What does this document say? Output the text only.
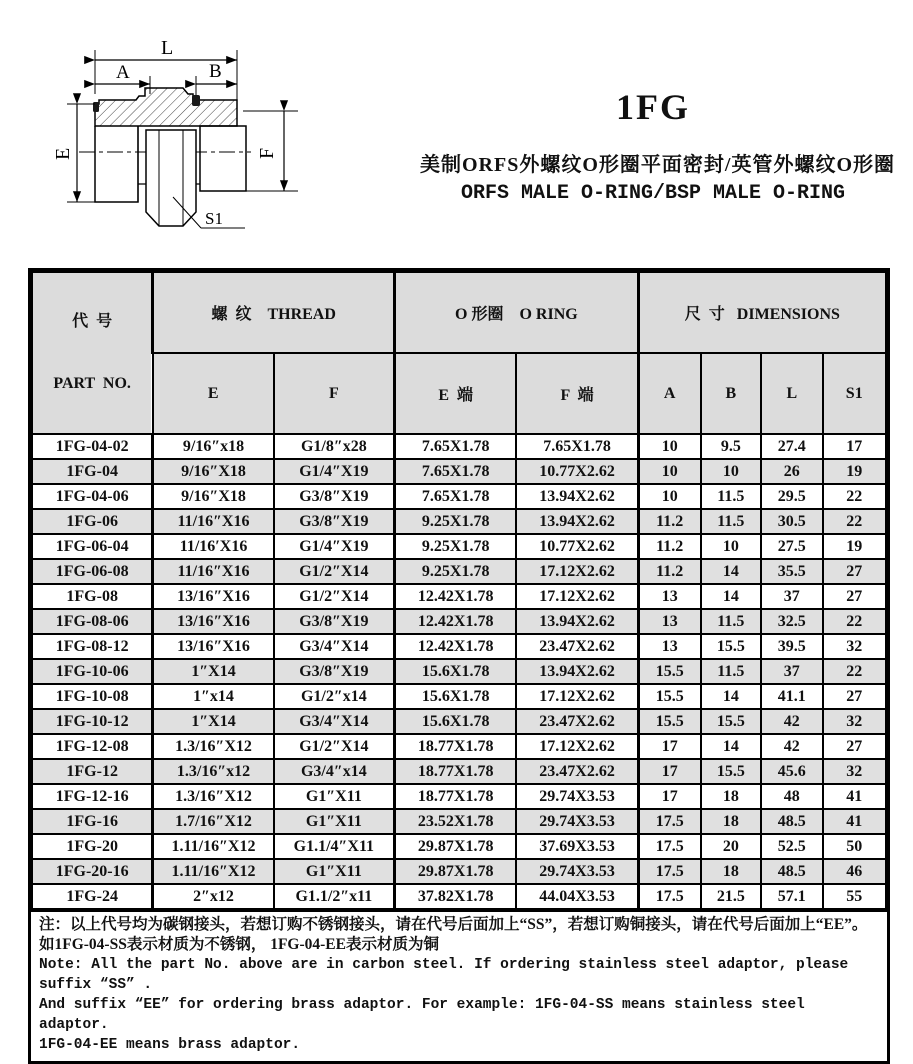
L
A	B
E	F
S1
1FG
美制ORFS外螺纹O形圈平面密封/英管外螺纹O形圈
ORFS MALE O-RING/BSP MALE O-RING

代  号

PART  NO.	螺  纹    THREAD		O 形圈    O RING		尺  寸   DIMENSIONS			
	E	F	E  端	F  端	A	B	L	S1
1FG-04-02	9/16″x18	G1/8″x28	7.65X1.78	7.65X1.78	10	9.5	27.4	17
1FG-04	9/16″X18	G1/4″X19	7.65X1.78	10.77X2.62	10	10	26	19
1FG-04-06	9/16″X18	G3/8″X19	7.65X1.78	13.94X2.62	10	11.5	29.5	22
1FG-06	11/16″X16	G3/8″X19	9.25X1.78	13.94X2.62	11.2	11.5	30.5	22
1FG-06-04	11/16′X16	G1/4″X19	9.25X1.78	10.77X2.62	11.2	10	27.5	19
1FG-06-08	11/16″X16	G1/2″X14	9.25X1.78	17.12X2.62	11.2	14	35.5	27
1FG-08	13/16″X16	G1/2″X14	12.42X1.78	17.12X2.62	13	14	37	27
1FG-08-06	13/16″X16	G3/8″X19	12.42X1.78	13.94X2.62	13	11.5	32.5	22
1FG-08-12	13/16″X16	G3/4″X14	12.42X1.78	23.47X2.62	13	15.5	39.5	32
1FG-10-06	1″X14	G3/8″X19	15.6X1.78	13.94X2.62	15.5	11.5	37	22
1FG-10-08	1″x14	G1/2″x14	15.6X1.78	17.12X2.62	15.5	14	41.1	27
1FG-10-12	1″X14	G3/4″X14	15.6X1.78	23.47X2.62	15.5	15.5	42	32
1FG-12-08	1.3/16″X12	G1/2″X14	18.77X1.78	17.12X2.62	17	14	42	27
1FG-12	1.3/16″x12	G3/4″x14	18.77X1.78	23.47X2.62	17	15.5	45.6	32
1FG-12-16	1.3/16″X12	G1″X11	18.77X1.78	29.74X3.53	17	18	48	41
1FG-16	1.7/16″X12	G1″X11	23.52X1.78	29.74X3.53	17.5	18	48.5	41
1FG-20	1.11/16″X12	G1.1/4″X11	29.87X1.78	37.69X3.53	17.5	20	52.5	50
1FG-20-16	1.11/16″X12	G1″X11	29.87X1.78	29.74X3.53	17.5	18	48.5	46
1FG-24	2″x12	G1.1/2″x11	37.82X1.78	44.04X3.53	17.5	21.5	57.1	55
注：以上代号均为碳钢接头，若想订购不锈钢接头，请在代号后面加上“SS”，若想订购铜接头，请在代号后面加上“EE”。
如1FG-04-SS表示材质为不锈钢， 1FG-04-EE表示材质为铜
Note: All the part No. above are in carbon steel. If ordering stainless steel adaptor, please suffix “SS” .
And suffix “EE” for ordering brass adaptor. For example: 1FG-04-SS means stainless steel adaptor.
1FG-04-EE means brass adaptor.
